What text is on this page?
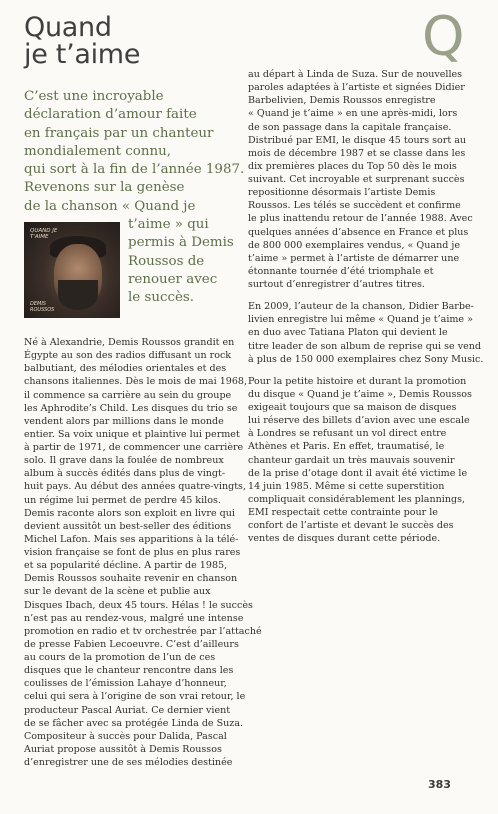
Quand
je t’aime	Q
C’est une incroyable
déclaration d’amour faite
en français par un chanteur
mondialement connu,
qui sort à la fin de l’année 1987.
Revenons sur la genèse
de la chanson « Quand je
t’aime » qui
permis à Demis
Roussos de
renouer avec
le succès.
QUAND JE T'AIME
DEMIS ROUSSOS
Né à Alexandrie, Demis Roussos grandit en
Égypte au son des radios diffusant un rock
balbutiant, des mélodies orientales et des
chansons italiennes. Dès le mois de mai 1968,
il commence sa carrière au sein du groupe
les Aphrodite’s Child. Les disques du trio se
vendent alors par millions dans le monde
entier. Sa voix unique et plaintive lui permet
à partir de 1971, de commencer une carrière
solo. Il grave dans la foulée de nombreux
album à succès édités dans plus de vingt-
huit pays. Au début des années quatre-vingts,
un régime lui permet de perdre 45 kilos.
Demis raconte alors son exploit en livre qui
devient aussitôt un best-seller des éditions
Michel Lafon. Mais ses apparitions à la télé-
vision française se font de plus en plus rares
et sa popularité décline. A partir de 1985,
Demis Roussos souhaite revenir en chanson
sur le devant de la scène et publie aux
Disques Ibach, deux 45 tours. Hélas ! le succès
n’est pas au rendez-vous, malgré une intense
promotion en radio et tv orchestrée par l’attaché
de presse Fabien Lecoeuvre. C’est d’ailleurs
au cours de la promotion de l’un de ces
disques que le chanteur rencontre dans les
coulisses de l’émission Lahaye d’honneur,
celui qui sera à l’origine de son vrai retour, le
producteur Pascal Auriat. Ce dernier vient
de se fâcher avec sa protégée Linda de Suza.
Compositeur à succès pour Dalida, Pascal
Auriat propose aussitôt à Demis Roussos
d’enregistrer une de ses mélodies destinée
au départ à Linda de Suza. Sur de nouvelles
paroles adaptées à l’artiste et signées Didier
Barbelivien, Demis Roussos enregistre
« Quand je t’aime » en une après-midi, lors
de son passage dans la capitale française.
Distribué par EMI, le disque 45 tours sort au
mois de décembre 1987 et se classe dans les
dix premières places du Top 50 dès le mois
suivant. Cet incroyable et surprenant succès
repositionne désormais l’artiste Demis
Roussos. Les télés se succèdent et confirme
le plus inattendu retour de l’année 1988. Avec
quelques années d’absence en France et plus
de 800 000 exemplaires vendus, « Quand je
t’aime » permet à l’artiste de démarrer une
étonnante tournée d’été triomphale et
surtout d’enregistrer d’autres titres.
En 2009, l’auteur de la chanson, Didier Barbe-
livien enregistre lui même « Quand je t’aime »
en duo avec Tatiana Platon qui devient le
titre leader de son album de reprise qui se vend
à plus de 150 000 exemplaires chez Sony Music.
Pour la petite histoire et durant la promotion
du disque « Quand je t’aime », Demis Roussos
exigeait toujours que sa maison de disques
lui réserve des billets d’avion avec une escale
à Londres se refusant un vol direct entre
Athènes et Paris. En effet, traumatisé, le
chanteur gardait un très mauvais souvenir
de la prise d’otage dont il avait été victime le
14 juin 1985. Même si cette superstition
compliquait considérablement les plannings,
EMI respectait cette contrainte pour le
confort de l’artiste et devant le succès des
ventes de disques durant cette période.
383
